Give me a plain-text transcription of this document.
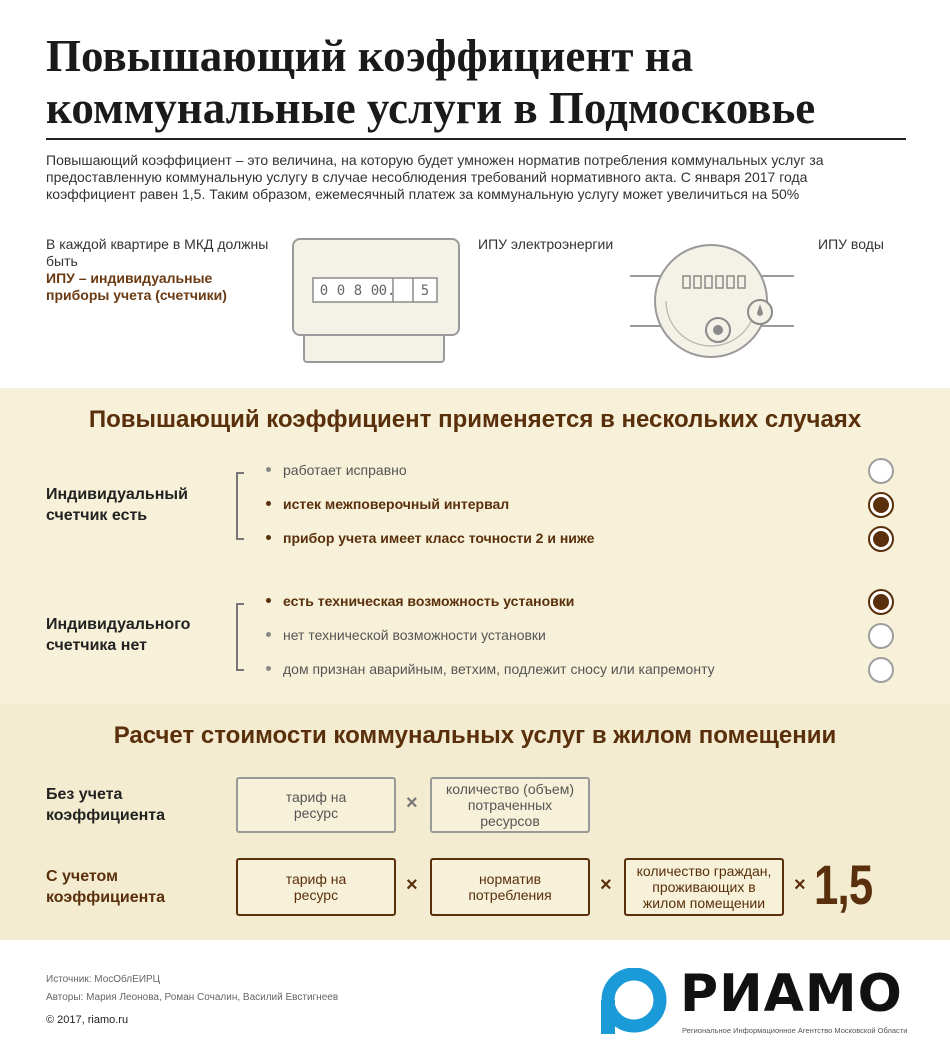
Повышающий коэффициент на
коммунальные услуги в Подмосковье

Повышающий коэффициент – это величина, на которую будет умножен норматив потребления коммунальных услуг за предоставленную коммунальную услугу в случае несоблюдения требований нормативного акта. С января 2017 года коэффициент равен 1,5. Таким образом, ежемесячный платеж за коммунальную услугу может увеличиться на 50%

В каждой квартире в МКД должны быть
ИПУ – индивидуальные приборы учета (счетчики)	0 0 8 0 0. 5
ИПУ электроэнергии	ИПУ воды
Повышающий коэффициент применяется в нескольких случаях
Индивидуальный
счетчик есть
работает исправно
истек межповерочный интервал
прибор учета имеет класс точности 2 и ниже
Индивидуального
счетчика нет
есть техническая возможность установки
нет технической возможности установки
дом признан аварийным, ветхим, подлежит сносу или капремонту
Расчет стоимости коммунальных услуг в жилом помещении
Без учета
коэффициента
тариф на
ресурс	×
количество (объем)
потраченных
ресурсов
С учетом
коэффициента
тариф на
ресурс	×	норматив
потребления ×
количество граждан,
проживающих в
жилом помещении
× 1,5
Источник: МосОблЕИРЦ
Авторы: Мария Леонова, Роман Сочалин, Василий Евстигнеев
© 2017, riamo.ru	РИАМО
Региональное Информационное Агентство Московской Области
